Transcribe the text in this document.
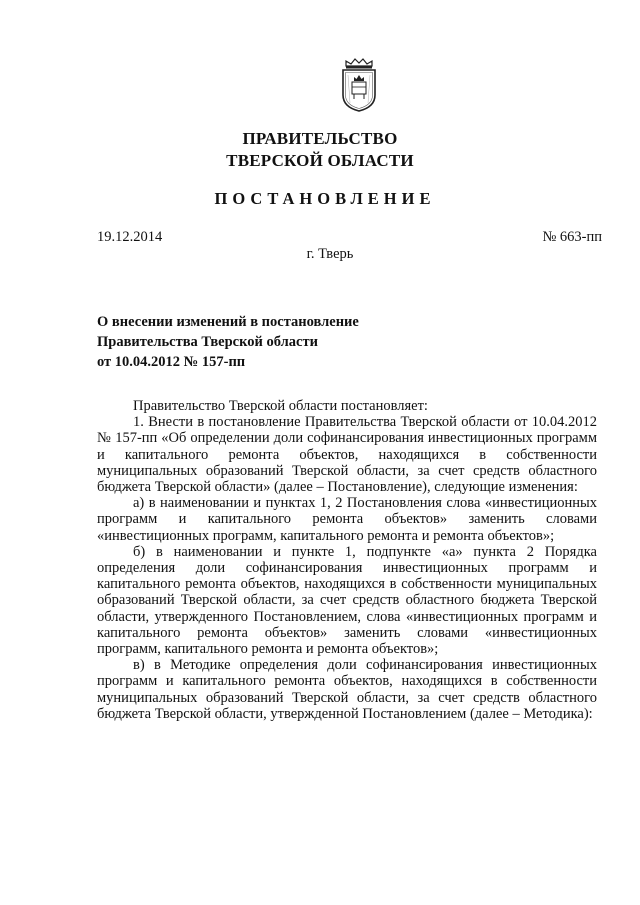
ПРАВИТЕЛЬСТВО
ТВЕРСКОЙ ОБЛАСТИ
ПОСТАНОВЛЕНИЕ
19.12.2014	№ 663-пп
г. Тверь
О внесении изменений в постановление
Правительства Тверской области
от 10.04.2012 № 157-пп

Правительство Тверской области постановляет:

1. Внести в постановление Правительства Тверской области от 10.04.2012 № 157-пп «Об определении доли софинансирования инвестиционных программ и капитального ремонта объектов, находящихся в собственности муниципальных образований Тверской области, за счет средств областного бюджета Тверской области» (далее – Постановление), следующие изменения:

а) в наименовании и пунктах 1, 2 Постановления слова «инвестиционных программ и капитального ремонта объектов» заменить словами «инвестиционных программ, капитального ремонта и ремонта объектов»;

б) в наименовании и пункте 1, подпункте «а» пункта 2 Порядка определения доли софинансирования инвестиционных программ и капитального ремонта объектов, находящихся в собственности муниципальных образований Тверской области, за счет средств областного бюджета Тверской области, утвержденного Постановлением, слова «инвестиционных программ и капитального ремонта объектов» заменить словами «инвестиционных программ, капитального ремонта и ремонта объектов»;

в) в Методике определения доли софинансирования инвестиционных программ и капитального ремонта объектов, находящихся в собственности муниципальных образований Тверской области, за счет средств областного бюджета Тверской области, утвержденной Постановлением (далее – Методика):
